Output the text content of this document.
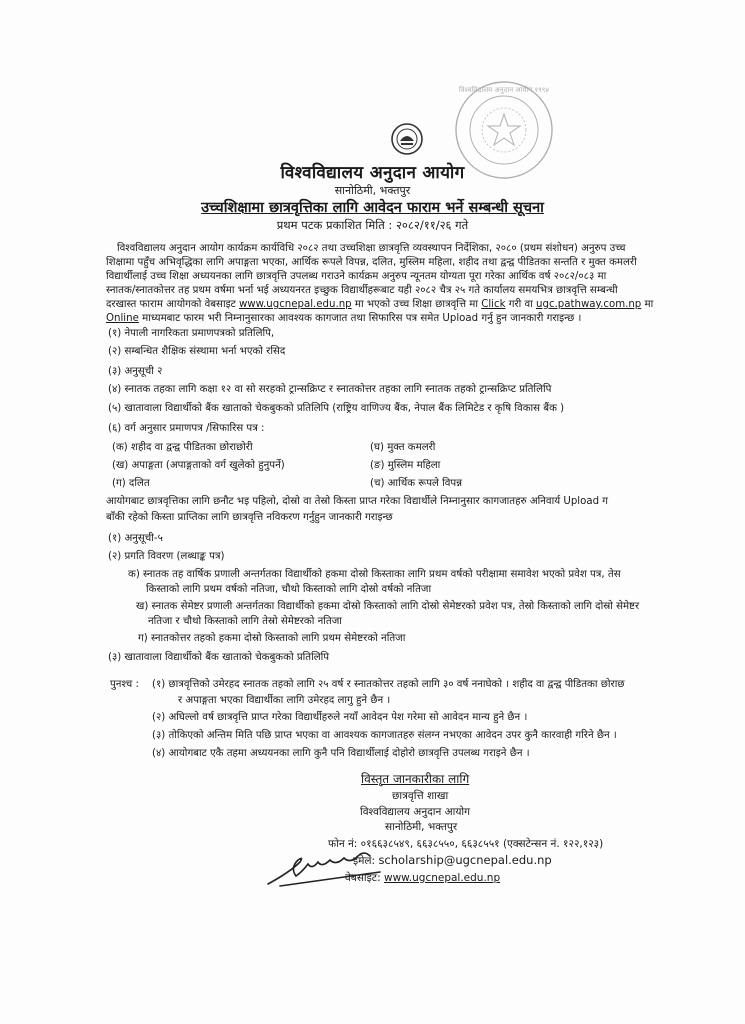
विश्वविद्यालय अनुदान आयोग १९९४
विश्वविद्यालय अनुदान आयोग
सानोठिमी, भक्तपुर
उच्चशिक्षामा छात्रवृत्तिका लागि आवेदन फाराम भर्ने सम्बन्धी सूचना
प्रथम पटक प्रकाशित मिति : २०८२/११/२६ गते
विश्वविद्यालय अनुदान आयोग कार्यक्रम कार्यविधि २०८२ तथा उच्चशिक्षा छात्रवृत्ति व्यवस्थापन निर्देशिका, २०८० (प्रथम संशोधन) अनुरुप उच्च
शिक्षामा पहुँच अभिवृद्धिका लागि अपाङ्गता भएका, आर्थिक रूपले विपन्न, दलित, मुस्लिम महिला, शहीद तथा द्वन्द्व पीडितका सन्तति र मुक्त कमलरी
विद्यार्थीलाई उच्च शिक्षा अध्ययनका लागि छात्रवृत्ति उपलब्ध गराउने कार्यक्रम अनुरुप न्यूनतम योग्यता पूरा गरेका आर्थिक वर्ष २०८२/०८३ मा
स्नातक/स्नातकोत्तर तह प्रथम वर्षमा भर्ना भई अध्ययनरत इच्छुक विद्यार्थीहरूबाट यही २०८२ चैत्र २५ गते कार्यालय समयभित्र छात्रवृत्ति सम्बन्धी
दरखास्त फाराम आयोगको वेबसाइट www.ugcnepal.edu.np मा भएको उच्च शिक्षा छात्रवृत्ति मा Click गरी वा ugc.pathway.com.np मा
Online माध्यमबाट फारम भरी निम्नानुसारका आवश्यक कागजात तथा सिफारिस पत्र समेत Upload गर्नु हुन जानकारी गराइन्छ ।
(१) नेपाली नागरिकता प्रमाणपत्रको प्रतिलिपि,
(२) सम्बन्धित शैक्षिक संस्थामा भर्ना भएको रसिद
(३) अनुसूची २
(४) स्नातक तहका लागि कक्षा १२ वा सो सरहको ट्रान्सक्रिप्ट र स्नातकोत्तर तहका लागि स्नातक तहको ट्रान्सक्रिप्ट प्रतिलिपि
(५) खातावाला विद्यार्थीको बैंक खाताको चेकबुकको प्रतिलिपि (राष्ट्रिय वाणिज्य बैंक, नेपाल बैंक लिमिटेड र कृषि विकास बैंक )
(६) वर्ग अनुसार प्रमाणपत्र /सिफारिस पत्र :
(क) शहीद वा द्वन्द्व पीडितका छोराछोरी
(ख) अपाङ्गता (अपाङ्गताको वर्ग खुलेको हुनुपर्ने)
(ग) दलित
(घ) मुक्त कमलरी
(ङ) मुस्लिम महिला
(च) आर्थिक रूपले विपन्न
आयोगबाट छात्रवृत्तिका लागि छनौट भइ पहिलो, दोस्रो वा तेस्रो किस्ता प्राप्त गरेका विद्यार्थीले निम्नानुसार कागजातहरु अनिवार्य Upload ग
बाँकी रहेको किस्ता प्राप्तिका लागि छात्रवृत्ति नविकरण गर्नुहुन जानकारी गराइन्छ
(१) अनुसूची-५
(२) प्रगति विवरण (लब्धाङ्क पत्र)
क) स्नातक तह वार्षिक प्रणाली अन्तर्गतका विद्यार्थीको हकमा दोस्रो किस्ताका लागि प्रथम वर्षको परीक्षामा समावेश भएको प्रवेश पत्र, तेस
किस्ताको लागि प्रथम वर्षको नतिजा, चौथो किस्ताको लागि दोस्रो वर्षको नतिजा
ख) स्नातक सेमेष्टर प्रणाली अन्तर्गतका विद्यार्थीको हकमा दोस्रो किस्ताको लागि दोस्रो सेमेष्टरको प्रवेश पत्र, तेस्रो किस्ताको लागि दोस्रो सेमेष्टर
नतिजा र चौथो किस्ताको लागि तेस्रो सेमेष्टरको नतिजा
ग) स्नातकोत्तर तहको हकमा दोस्रो किस्ताको लागि प्रथम सेमेष्टरको नतिजा
(३) खातावाला विद्यार्थीको बैंक खाताको चेकबुकको प्रतिलिपि
पुनश्च : (१) छात्रवृत्तिको उमेरहद स्नातक तहको लागि २५ वर्ष र स्नातकोत्तर तहको लागि ३० वर्ष ननाघेको । शहीद वा द्वन्द्व पीडितका छोराछ
र अपाङ्गता भएका विद्यार्थीका लागि उमेरहद लागु हुने छैन ।
(२) अघिल्लो वर्ष छात्रवृत्ति प्राप्त गरेका विद्यार्थीहरुले नयाँ आवेदन पेश गरेमा सो आवेदन मान्य हुने छैन ।
(३) तोकिएको अन्तिम मिति पछि प्राप्त भएका वा आवश्यक कागजातहरु संलग्न नभएका आवेदन उपर कुनै कारवाही गरिने छैन ।
(४) आयोगबाट एकै तहमा अध्ययनका लागि कुनै पनि विद्यार्थीलाई दोहोरो छात्रवृत्ति उपलब्ध गराइने छैन ।
विस्तृत जानकारीका लागि
छात्रवृत्ति शाखा
विश्वविद्यालय अनुदान आयोग
सानोठिमी, भक्तपुर
फोन नं: ०१६६३८५४९, ६६३८५५०, ६६३८५५१ (एक्सटेन्सन नं. १२२,१२३)
इमेल: scholarship@ugcnepal.edu.np
वेबसाइट: www.ugcnepal.edu.np
